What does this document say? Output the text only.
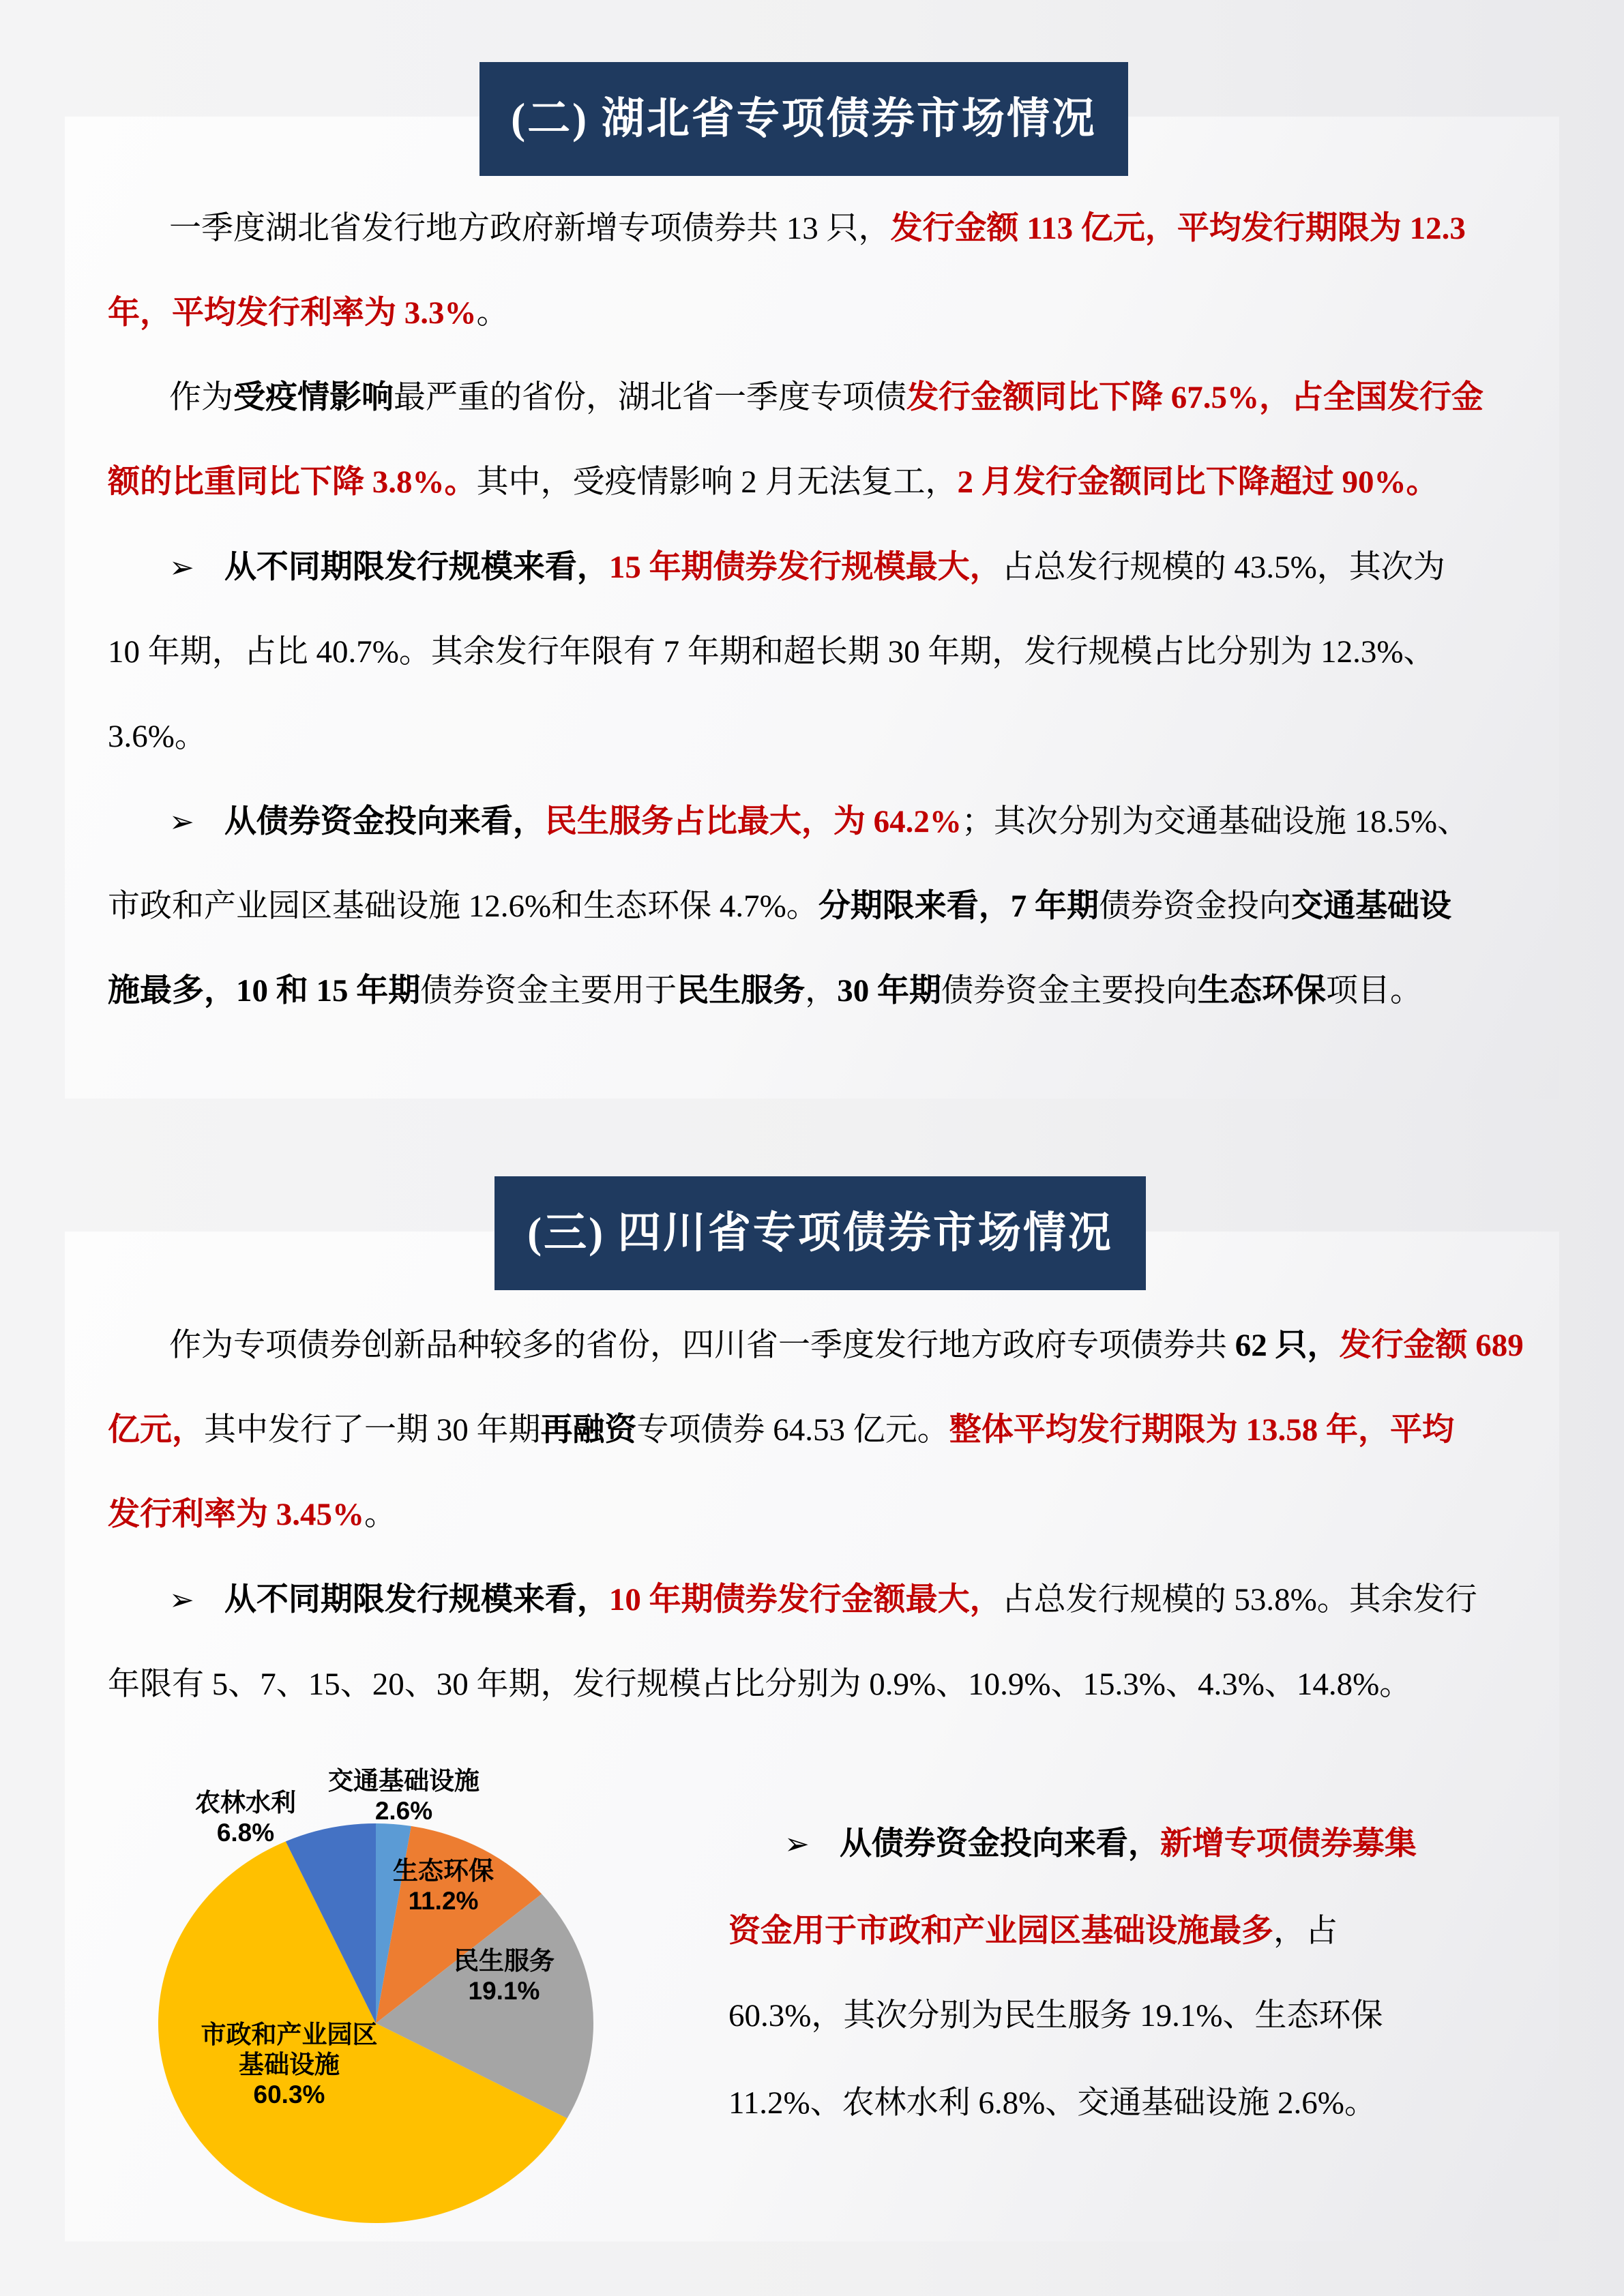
(二) 湖北省专项债券市场情况
一季度湖北省发行地方政府新增专项债券共 13 只，发行金额 113 亿元，平均发行期限为 12.3
年，平均发行利率为 3.3%。
作为受疫情影响最严重的省份，湖北省一季度专项债发行金额同比下降 67.5%，占全国发行金
额的比重同比下降 3.8%。其中，受疫情影响 2 月无法复工，2 月发行金额同比下降超过 90%。
➢ 从不同期限发行规模来看，15 年期债券发行规模最大，占总发行规模的 43.5%，其次为
10 年期，占比 40.7%。其余发行年限有 7 年期和超长期 30 年期，发行规模占比分别为 12.3%、
3.6%。
➢ 从债券资金投向来看，民生服务占比最大，为 64.2%；其次分别为交通基础设施 18.5%、
市政和产业园区基础设施 12.6%和生态环保 4.7%。分期限来看，7 年期债券资金投向交通基础设
施最多，10 和 15 年期债券资金主要用于民生服务，30 年期债券资金主要投向生态环保项目。
(三) 四川省专项债券市场情况
作为专项债券创新品种较多的省份，四川省一季度发行地方政府专项债券共 62 只，发行金额 689
亿元，其中发行了一期 30 年期再融资专项债券 64.53 亿元。整体平均发行期限为 13.58 年，平均
发行利率为 3.45%。
➢ 从不同期限发行规模来看，10 年期债券发行金额最大，占总发行规模的 53.8%。其余发行
年限有 5、7、15、20、30 年期，发行规模占比分别为 0.9%、10.9%、15.3%、4.3%、14.8%。
交通基础设施
2.6%
农林水利
6.8%
生态环保
11.2%
民生服务
19.1%
市政和产业园区
基础设施
60.3%
➢ 从债券资金投向来看，新增专项债券募集
资金用于市政和产业园区基础设施最多，占
60.3%，其次分别为民生服务 19.1%、生态环保
11.2%、农林水利 6.8%、交通基础设施 2.6%。
